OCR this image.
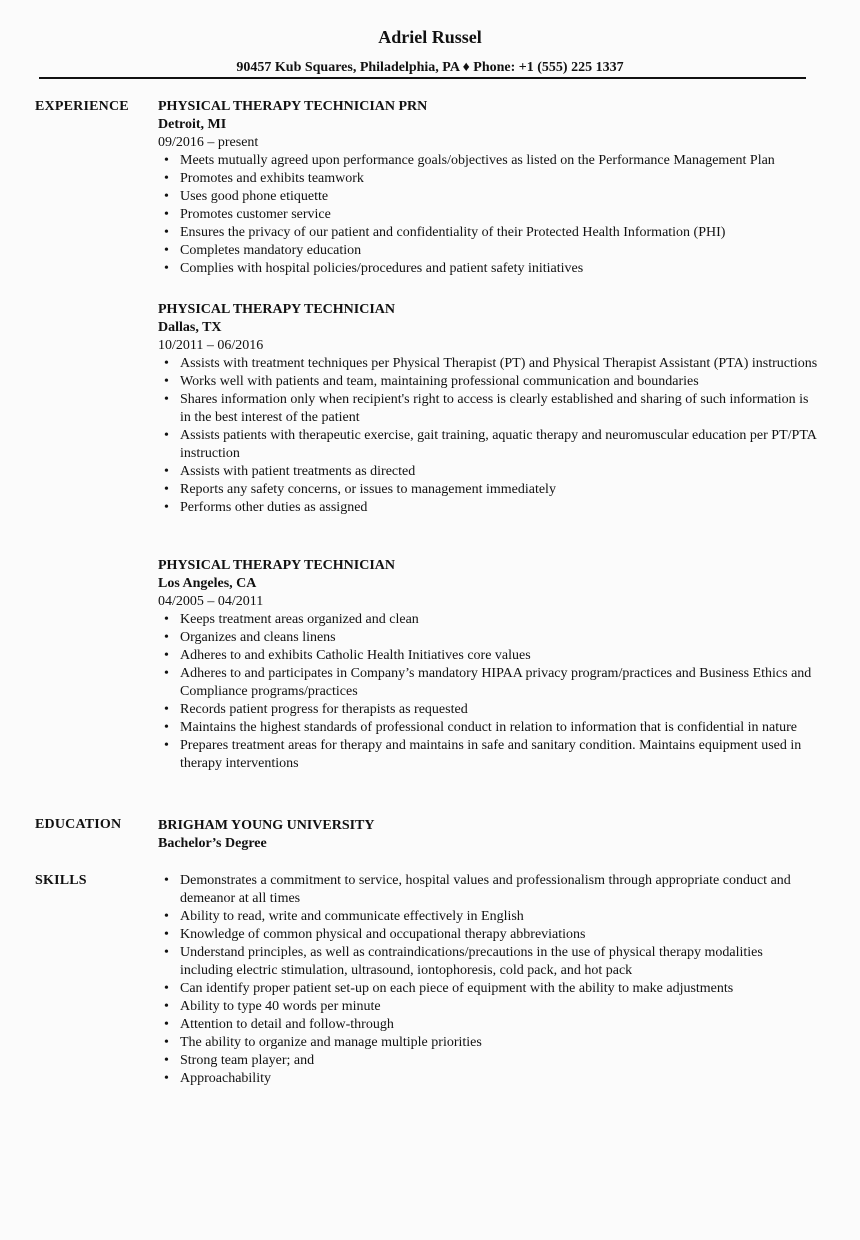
Adriel Russel
90457 Kub Squares, Philadelphia, PA ♦ Phone: +1 (555) 225 1337
EXPERIENCE PHYSICAL THERAPY TECHNICIAN PRN
Detroit, MI
09/2016 – present
• Meets mutually agreed upon performance goals/objectives as listed on the Performance Management Plan
• Promotes and exhibits teamwork
• Uses good phone etiquette
• Promotes customer service
• Ensures the privacy of our patient and confidentiality of their Protected Health Information (PHI)
• Completes mandatory education
• Complies with hospital policies/procedures and patient safety initiatives
PHYSICAL THERAPY TECHNICIAN
Dallas, TX
10/2011 – 06/2016
• Assists with treatment techniques per Physical Therapist (PT) and Physical Therapist Assistant (PTA) instructions
• Works well with patients and team, maintaining professional communication and boundaries
• Shares information only when recipient's right to access is clearly established and sharing of such information is in the best interest of the patient
• Assists patients with therapeutic exercise, gait training, aquatic therapy and neuromuscular education per PT/PTA instruction
• Assists with patient treatments as directed
• Reports any safety concerns, or issues to management immediately
• Performs other duties as assigned
PHYSICAL THERAPY TECHNICIAN
Los Angeles, CA
04/2005 – 04/2011
• Keeps treatment areas organized and clean
• Organizes and cleans linens
• Adheres to and exhibits Catholic Health Initiatives core values
• Adheres to and participates in Company’s mandatory HIPAA privacy program/practices and Business Ethics and Compliance programs/practices
• Records patient progress for therapists as requested
• Maintains the highest standards of professional conduct in relation to information that is confidential in nature
• Prepares treatment areas for therapy and maintains in safe and sanitary condition. Maintains equipment used in therapy interventions
EDUCATION	BRIGHAM YOUNG UNIVERSITY
Bachelor’s Degree
SKILLS	• Demonstrates a commitment to service, hospital values and professionalism through appropriate conduct and demeanor at all times
• Ability to read, write and communicate effectively in English
• Knowledge of common physical and occupational therapy abbreviations
• Understand principles, as well as contraindications/precautions in the use of physical therapy modalities including electric stimulation, ultrasound, iontophoresis, cold pack, and hot pack
• Can identify proper patient set-up on each piece of equipment with the ability to make adjustments
• Ability to type 40 words per minute
• Attention to detail and follow-through
• The ability to organize and manage multiple priorities
• Strong team player; and
• Approachability
